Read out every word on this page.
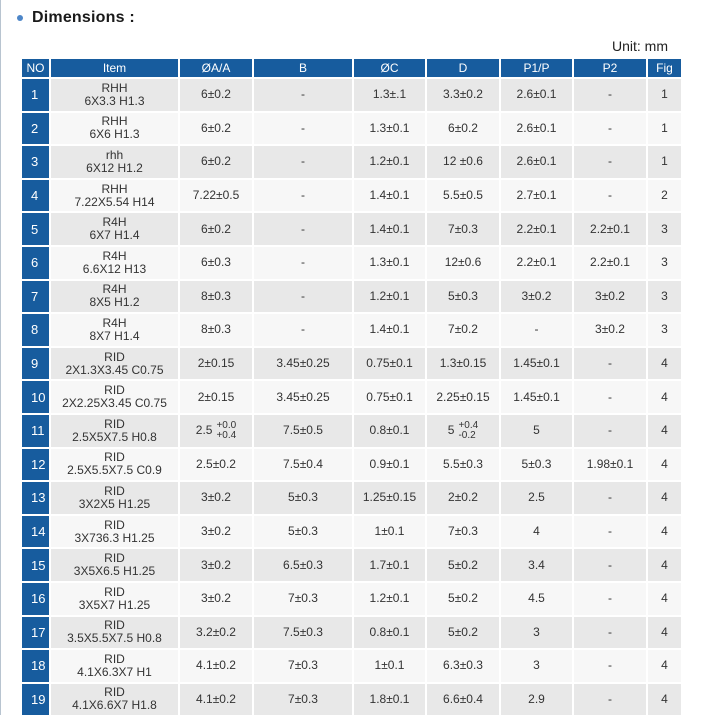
Dimensions :
Unit: mm
NO	Item	ØA/A	B	ØC	D	P1/P	P2	Fig
1	RHH
6X3.3 H1.3	6±0.2	-	1.3±.1	3.3±0.2	2.6±0.1	-	1
2	RHH
6X6 H1.3	6±0.2	-	1.3±0.1	6±0.2	2.6±0.1	-	1
3	rhh
6X12 H1.2	6±0.2	-	1.2±0.1	12 ±0.6	2.6±0.1	-	1
4	RHH
7.22X5.54 H14	7.22±0.5	-	1.4±0.1	5.5±0.5	2.7±0.1	-	2
5	R4H
6X7 H1.4	6±0.2	-	1.4±0.1	7±0.3	2.2±0.1	2.2±0.1	3
6	R4H
6.6X12 H13	6±0.3	-	1.3±0.1	12±0.6	2.2±0.1	2.2±0.1	3
7	R4H
8X5 H1.2	8±0.3	-	1.2±0.1	5±0.3	3±0.2	3±0.2	3
8	R4H
8X7 H1.4	8±0.3	-	1.4±0.1	7±0.2	-	3±0.2	3
9	RID
2X1.3X3.45 C0.75	2±0.15	3.45±0.25	0.75±0.1	1.3±0.15	1.45±0.1	-	4
10	RID
2X2.25X3.45 C0.75	2±0.15	3.45±0.25	0.75±0.1	2.25±0.15	1.45±0.1	-	4
11	RID
2.5X5X7.5 H0.8	2.5 +0.0
+0.4	7.5±0.5	0.8±0.1	5 +0.4
-0.2	5	-	4
12	RID
2.5X5.5X7.5 C0.9	2.5±0.2	7.5±0.4	0.9±0.1	5.5±0.3	5±0.3	1.98±0.1	4
13	RID
3X2X5 H1.25	3±0.2	5±0.3	1.25±0.15	2±0.2	2.5	-	4
14	RID
3X736.3 H1.25	3±0.2	5±0.3	1±0.1	7±0.3	4	-	4
15	RID
3X5X6.5 H1.25	3±0.2	6.5±0.3	1.7±0.1	5±0.2	3.4	-	4
16	RID
3X5X7 H1.25	3±0.2	7±0.3	1.2±0.1	5±0.2	4.5	-	4
17	RID
3.5X5.5X7.5 H0.8	3.2±0.2	7.5±0.3	0.8±0.1	5±0.2	3	-	4
18	RID
4.1X6.3X7 H1	4.1±0.2	7±0.3	1±0.1	6.3±0.3	3	-	4
19	RID
4.1X6.6X7 H1.8	4.1±0.2	7±0.3	1.8±0.1	6.6±0.4	2.9	-	4
